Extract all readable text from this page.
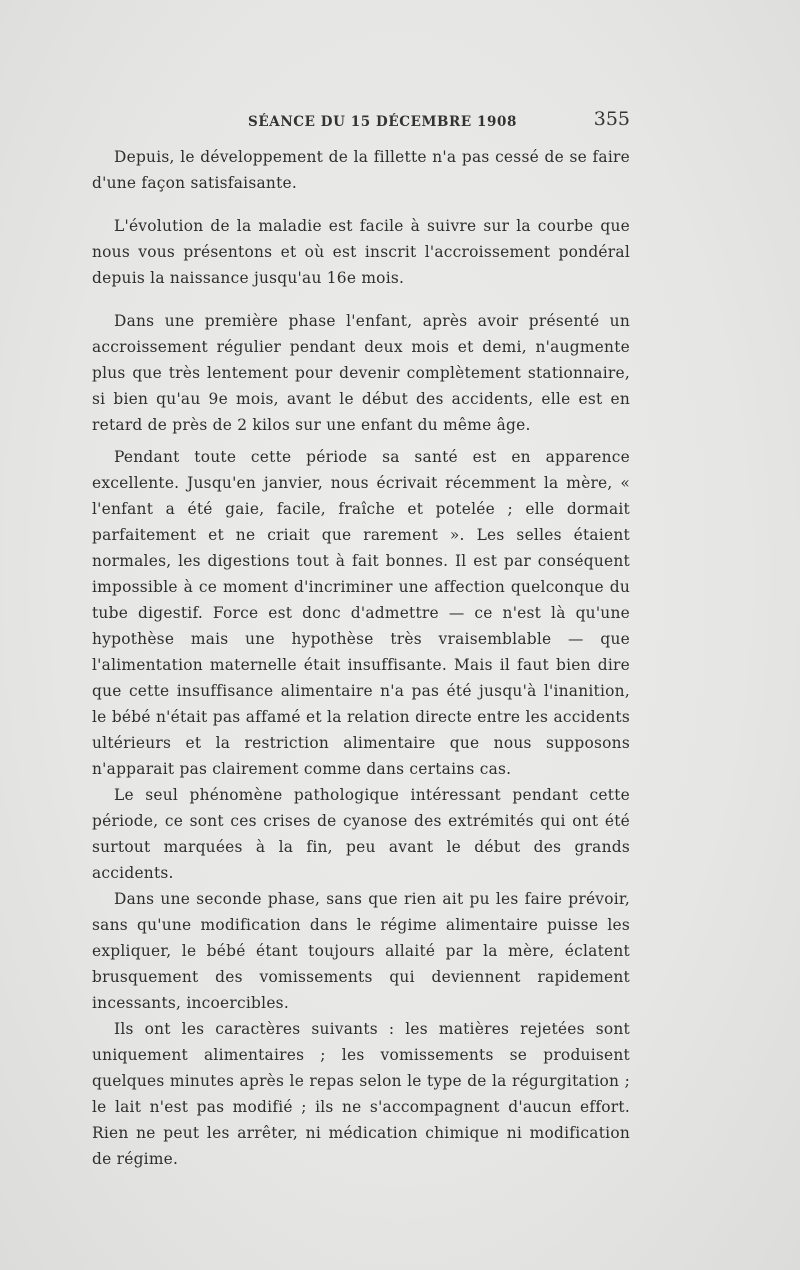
SÉANCE DU 15 DÉCEMBRE 1908	355

Depuis, le développement de la fillette n'a pas cessé de se faire d'une façon satisfaisante.

L'évolution de la maladie est facile à suivre sur la courbe que nous vous présentons et où est inscrit l'accroissement pondéral depuis la naissance jusqu'au 16e mois.

Dans une première phase l'enfant, après avoir présenté un accroissement régulier pendant deux mois et demi, n'augmente plus que très lentement pour devenir complètement stationnaire, si bien qu'au 9e mois, avant le début des accidents, elle est en retard de près de 2 kilos sur une enfant du même âge.

Pendant toute cette période sa santé est en apparence excellente. Jusqu'en janvier, nous écrivait récemment la mère, « l'enfant a été gaie, facile, fraîche et potelée ; elle dormait parfaitement et ne criait que rarement ». Les selles étaient normales, les digestions tout à fait bonnes. Il est par conséquent impossible à ce moment d'incriminer une affection quelconque du tube digestif. Force est donc d'admettre — ce n'est là qu'une hypothèse mais une hypothèse très vraisemblable — que l'alimentation maternelle était insuffisante. Mais il faut bien dire que cette insuffisance alimentaire n'a pas été jusqu'à l'inanition, le bébé n'était pas affamé et la relation directe entre les accidents ultérieurs et la restriction alimentaire que nous supposons n'apparait pas clairement comme dans certains cas.

Le seul phénomène pathologique intéressant pendant cette période, ce sont ces crises de cyanose des extrémités qui ont été surtout marquées à la fin, peu avant le début des grands accidents.

Dans une seconde phase, sans que rien ait pu les faire prévoir, sans qu'une modification dans le régime alimentaire puisse les expliquer, le bébé étant toujours allaité par la mère, éclatent brusquement des vomissements qui deviennent rapidement incessants, incoercibles.

Ils ont les caractères suivants : les matières rejetées sont uniquement alimentaires ; les vomissements se produisent quelques minutes après le repas selon le type de la régurgitation ; le lait n'est pas modifié ; ils ne s'accompagnent d'aucun effort. Rien ne peut les arrêter, ni médication chimique ni modification de régime.
